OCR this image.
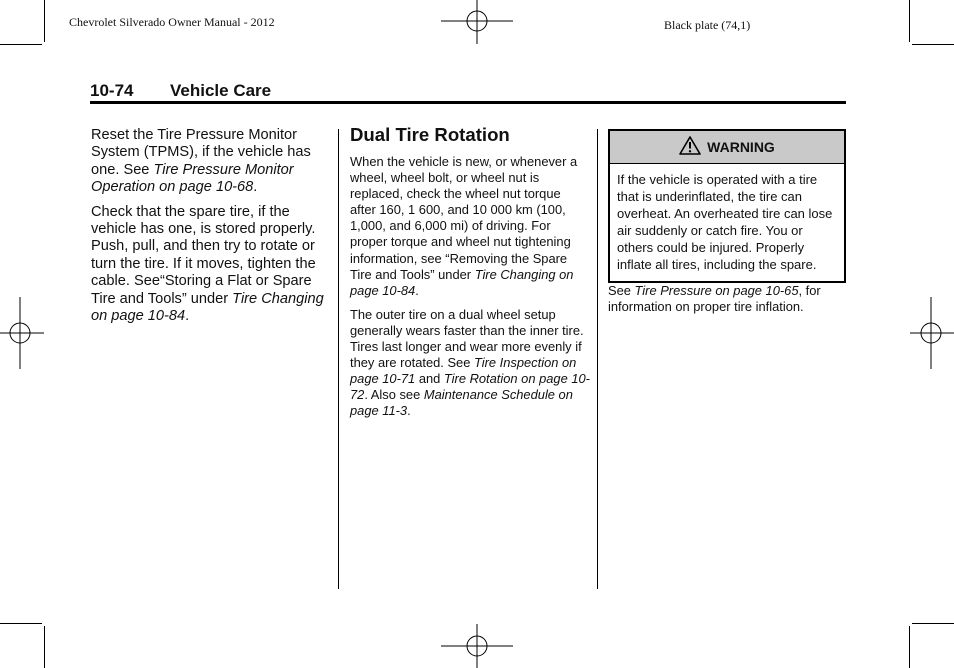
Chevrolet Silverado Owner Manual - 2012	Black plate (74,1)
10-74 Vehicle Care

Reset the Tire Pressure Monitor System (TPMS), if the vehicle has one. See Tire Pressure Monitor Operation on page 10-68.

Check that the spare tire, if the vehicle has one, is stored properly. Push, pull, and then try to rotate or turn the tire. If it moves, tighten the cable. See“Storing a Flat or Spare Tire and Tools” under Tire Changing on page 10-84.

Dual Tire Rotation

When the vehicle is new, or whenever a wheel, wheel bolt, or wheel nut is replaced, check the wheel nut torque after 160, 1 600, and 10 000 km (100, 1,000, and 6,000 mi) of driving. For proper torque and wheel nut tightening information, see “Removing the Spare Tire and Tools” under Tire Changing on page 10-84.

The outer tire on a dual wheel setup generally wears faster than the inner tire. Tires last longer and wear more evenly if they are rotated. See Tire Inspection on page 10-71 and Tire Rotation on page 10-72. Also see Maintenance Schedule on page 11-3.

WARNING
If the vehicle is operated with a tire that is underinflated, the tire can overheat. An overheated tire can lose air suddenly or catch fire. You or others could be injured. Properly inflate all tires, including the spare.

See Tire Pressure on page 10-65, for information on proper tire inflation.
